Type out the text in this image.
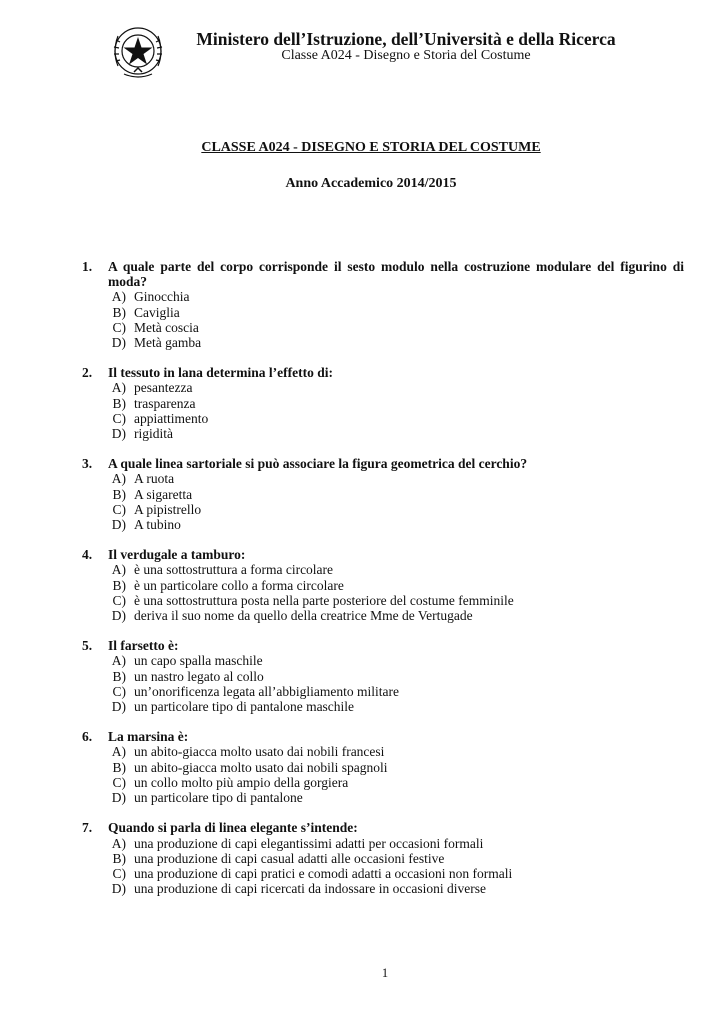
Ministero dell’Istruzione, dell’Università e della Ricerca
Classe A024 - Disegno e Storia del Costume
CLASSE A024 - DISEGNO E STORIA DEL COSTUME
Anno Accademico 2014/2015
1.	A quale parte del corpo corrisponde il sesto modulo nella costruzione modulare del figurino di moda?
A) Ginocchia
B) Caviglia
C) Metà coscia
D) Metà gamba
2.	Il tessuto in lana determina l’effetto di:
A) pesantezza
B) trasparenza
C) appiattimento
D) rigidità
3.	A quale linea sartoriale si può associare la figura geometrica del cerchio?
A) A ruota
B) A sigaretta
C) A pipistrello
D) A tubino
4.	Il verdugale a tamburo:
A) è una sottostruttura a forma circolare
B) è un particolare collo a forma circolare
C) è una sottostruttura posta nella parte posteriore del costume femminile
D) deriva il suo nome da quello della creatrice Mme de Vertugade
5.	Il farsetto è:
A) un capo spalla maschile
B) un nastro legato al collo
C) un’onorificenza legata all’abbigliamento militare
D) un particolare tipo di pantalone maschile
6.	La marsina è:
A) un abito-giacca molto usato dai nobili francesi
B) un abito-giacca molto usato dai nobili spagnoli
C) un collo molto più ampio della gorgiera
D) un particolare tipo di pantalone
7.	Quando si parla di linea elegante s’intende:
A) una produzione di capi elegantissimi adatti per occasioni formali
B) una produzione di capi casual adatti alle occasioni festive
C) una produzione di capi pratici e comodi adatti a occasioni non formali
D) una produzione di capi ricercati da indossare in occasioni diverse
1
